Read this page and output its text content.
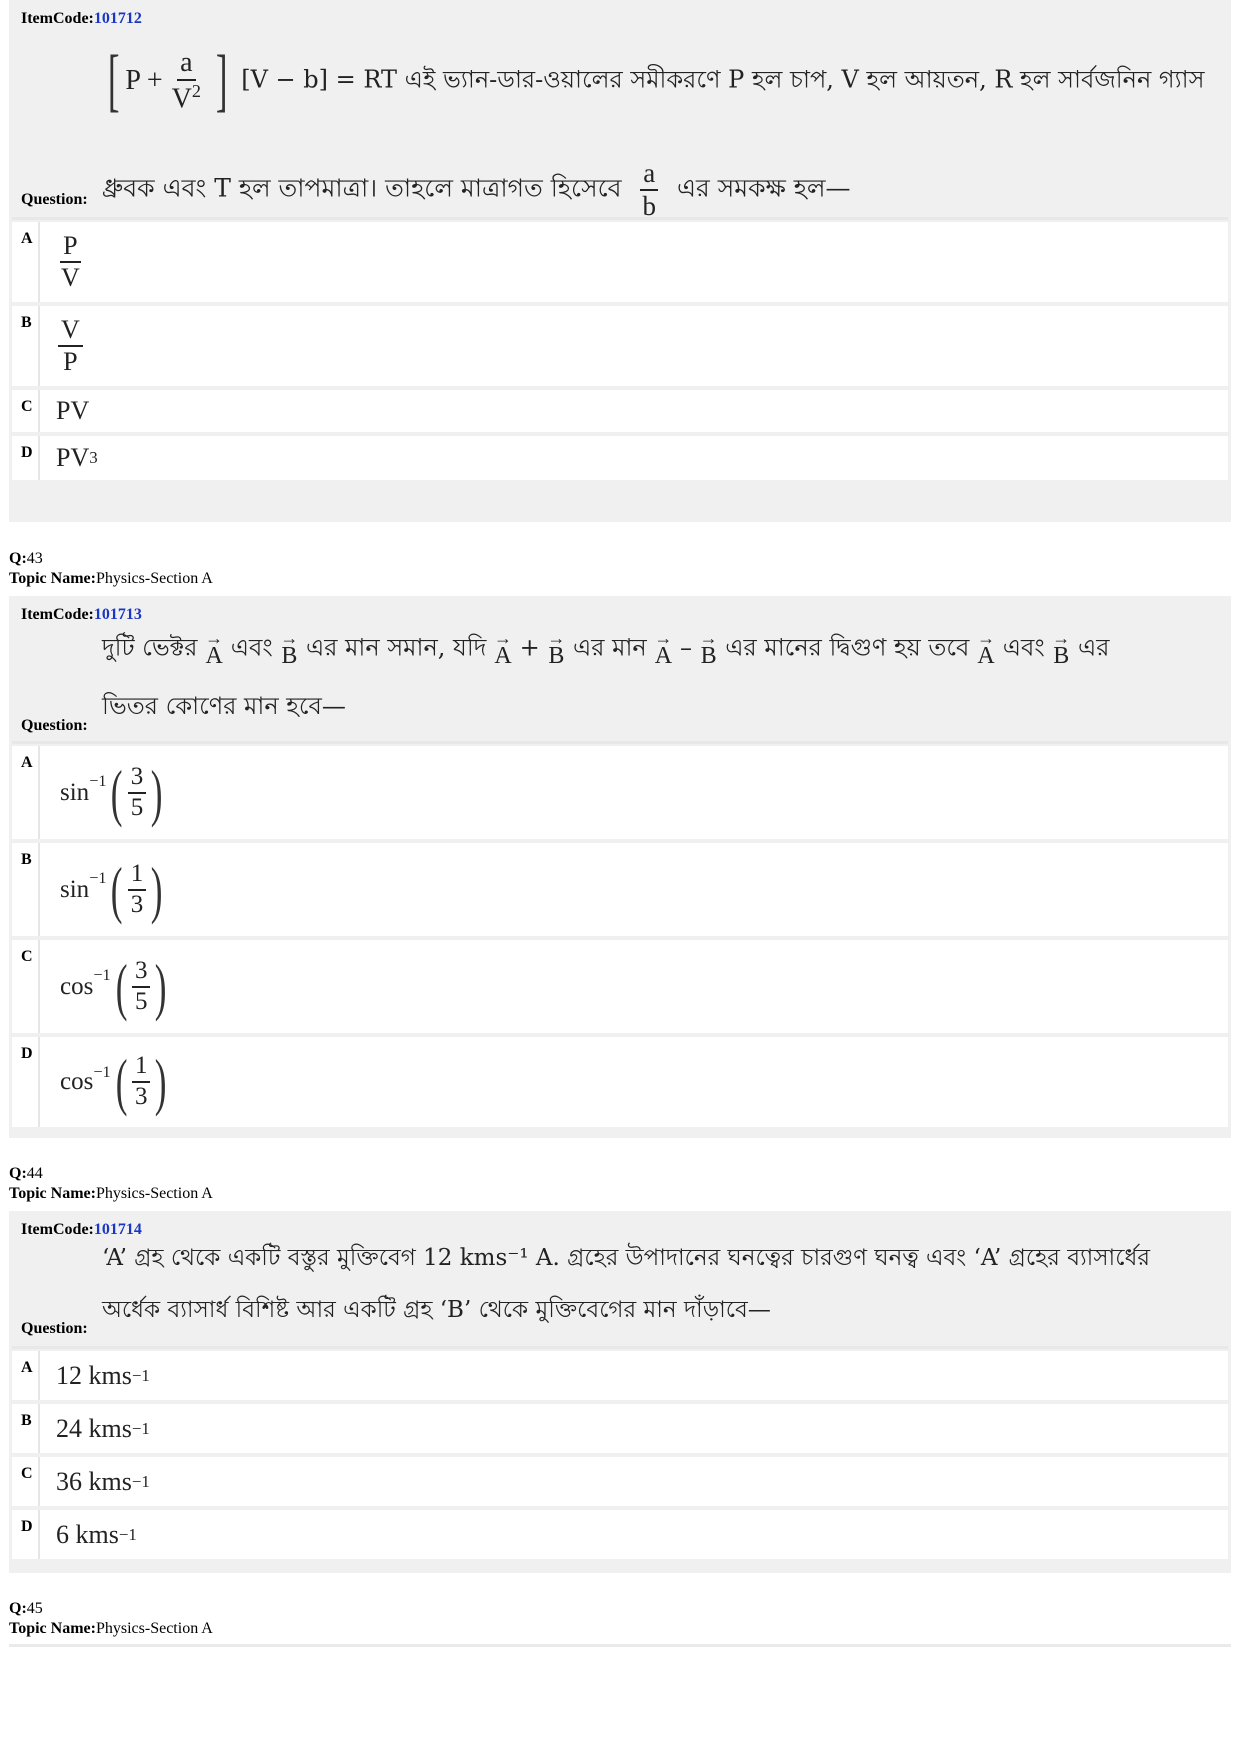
ItemCode:101712
[ $P + \frac{a}{V^2}$ ] [V − b] = RT এই ভ্যান-ডার-ওয়ালের সমীকরণে P হল চাপ, V হল আয়তন, R হল সার্বজনিন গ্যাস
ধ্রুবক এবং T হল তাপমাত্রা। তাহলে মাত্রাগত হিসেবে $\frac{a}{b}$ এর সমকক্ষ হল—
Question:
A $\frac{P}{V}$
B	$\frac{V}{P}$
C PV
D PV 3
Q:43
Topic Name:Physics-Section A
ItemCode:101713
দুটি ভেক্টর →
A এবং →
B এর মান সমান, যদি →
A + →
B এর মান →
A – →
B এর মানের দ্বিগুণ হয় তবে →
A এবং →
B এর
ভিতর কোণের মান হবে—
Question:
A
$\sin^{-1}$ ( $\frac{3}{5}$ )
B
$\sin^{-1}$ ( $\frac{1}{3}$ )
C
$\cos^{-1}$ ( $\frac{3}{5}$ )
D
$\cos^{-1}$ ( $\frac{1}{3}$ )
Q:44
Topic Name:Physics-Section A
ItemCode:101714
‘A’ গ্রহ থেকে একটি বস্তুর মুক্তিবেগ 12 kms⁻¹ A. গ্রহের উপাদানের ঘনত্বের চারগুণ ঘনত্ব এবং ‘A’ গ্রহের ব্যাসার্ধের
অর্ধেক ব্যাসার্ধ বিশিষ্ট আর একটি গ্রহ ‘B’ থেকে মুক্তিবেগের মান দাঁড়াবে—
Question:
A 12 kms −1
B 24 kms −1
C 36 kms −1
D 6 kms −1
Q:45
Topic Name:Physics-Section A
